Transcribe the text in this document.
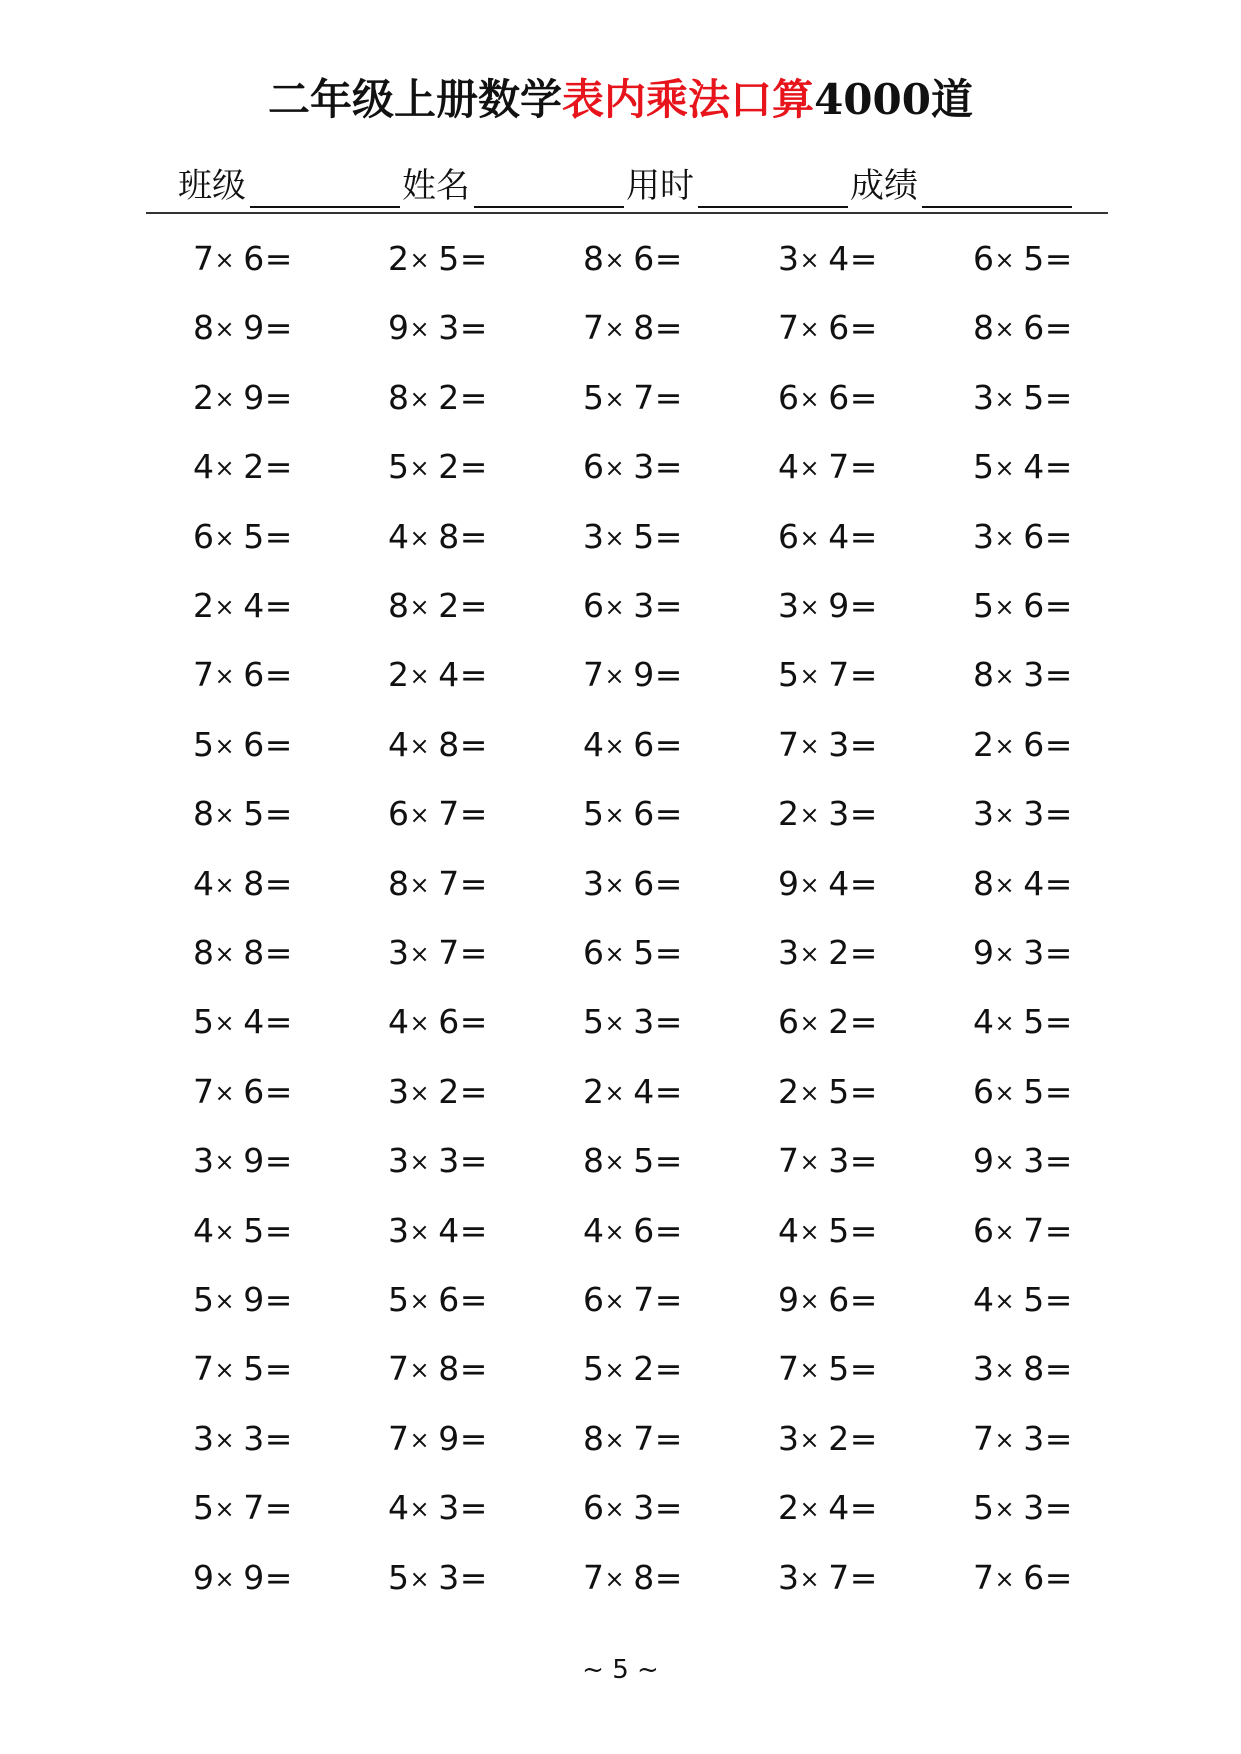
二年级上册数学表内乘法口算4000道
班级	姓名	用时	成绩
7× 6=	2× 5=	8× 6=	3× 4=	6× 5=
8× 9=	9× 3=	7× 8=	7× 6=	8× 6=
2× 9=	8× 2=	5× 7=	6× 6=	3× 5=
4× 2=	5× 2=	6× 3=	4× 7=	5× 4=
6× 5=	4× 8=	3× 5=	6× 4=	3× 6=
2× 4=	8× 2=	6× 3=	3× 9=	5× 6=
7× 6=	2× 4=	7× 9=	5× 7=	8× 3=
5× 6=	4× 8=	4× 6=	7× 3=	2× 6=
8× 5=	6× 7=	5× 6=	2× 3=	3× 3=
4× 8=	8× 7=	3× 6=	9× 4=	8× 4=
8× 8=	3× 7=	6× 5=	3× 2=	9× 3=
5× 4=	4× 6=	5× 3=	6× 2=	4× 5=
7× 6=	3× 2=	2× 4=	2× 5=	6× 5=
3× 9=	3× 3=	8× 5=	7× 3=	9× 3=
4× 5=	3× 4=	4× 6=	4× 5=	6× 7=
5× 9=	5× 6=	6× 7=	9× 6=	4× 5=
7× 5=	7× 8=	5× 2=	7× 5=	3× 8=
3× 3=	7× 9=	8× 7=	3× 2=	7× 3=
5× 7=	4× 3=	6× 3=	2× 4=	5× 3=
9× 9=	5× 3=	7× 8=	3× 7=	7× 6=
~ 5 ~
